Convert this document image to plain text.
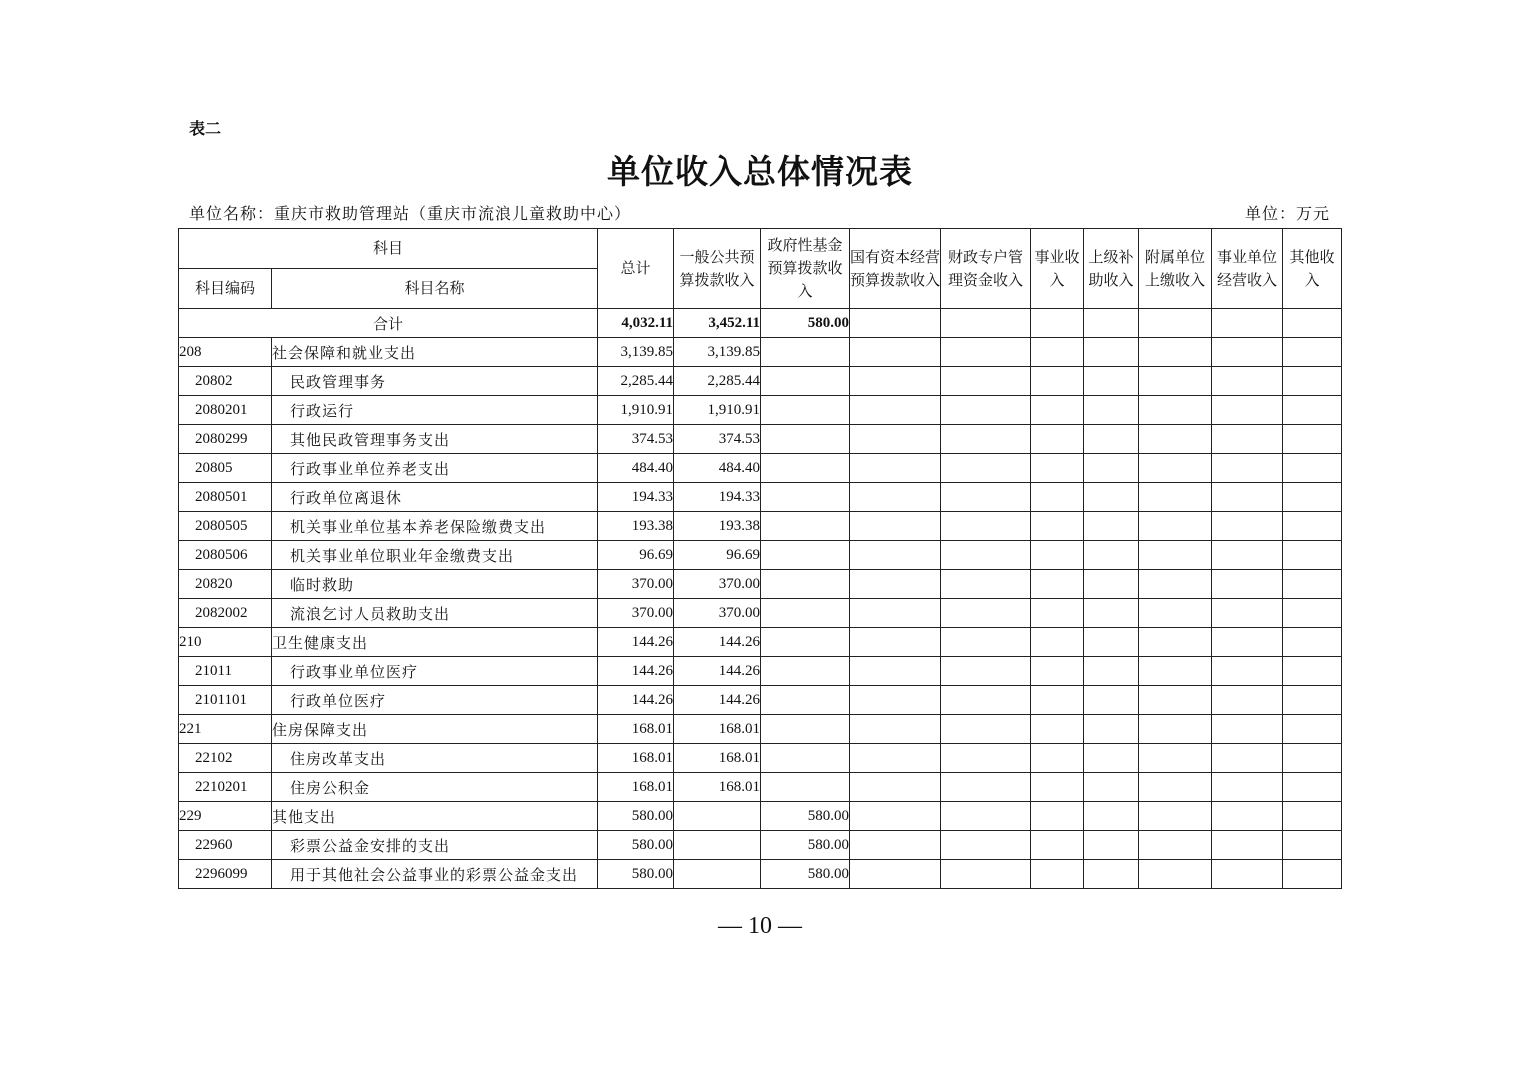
表二
单位收入总体情况表
单位名称：重庆市救助管理站（重庆市流浪儿童救助中心）	单位：万元
科目		总计	一般公共预算拨款收入	政府性基金预算拨款收入	国有资本经营预算拨款收入	财政专户管理资金收入	事业收入	上级补助收入	附属单位上缴收入	事业单位经营收入	其他收入
科目编码	科目名称										
合计		4,032.11	3,452.11	580.00							
208	社会保障和就业支出	3,139.85	3,139.85								
20802	民政管理事务	2,285.44	2,285.44								
2080201	行政运行	1,910.91	1,910.91								
2080299	其他民政管理事务支出	374.53	374.53								
20805	行政事业单位养老支出	484.40	484.40								
2080501	行政单位离退休	194.33	194.33								
2080505	机关事业单位基本养老保险缴费支出	193.38	193.38								
2080506	机关事业单位职业年金缴费支出	96.69	96.69								
20820	临时救助	370.00	370.00								
2082002	流浪乞讨人员救助支出	370.00	370.00								
210	卫生健康支出	144.26	144.26								
21011	行政事业单位医疗	144.26	144.26								
2101101	行政单位医疗	144.26	144.26								
221	住房保障支出	168.01	168.01								
22102	住房改革支出	168.01	168.01								
2210201	住房公积金	168.01	168.01								
229	其他支出	580.00		580.00							
22960	彩票公益金安排的支出	580.00		580.00							
2296099	用于其他社会公益事业的彩票公益金支出	580.00		580.00							
— 10 —
